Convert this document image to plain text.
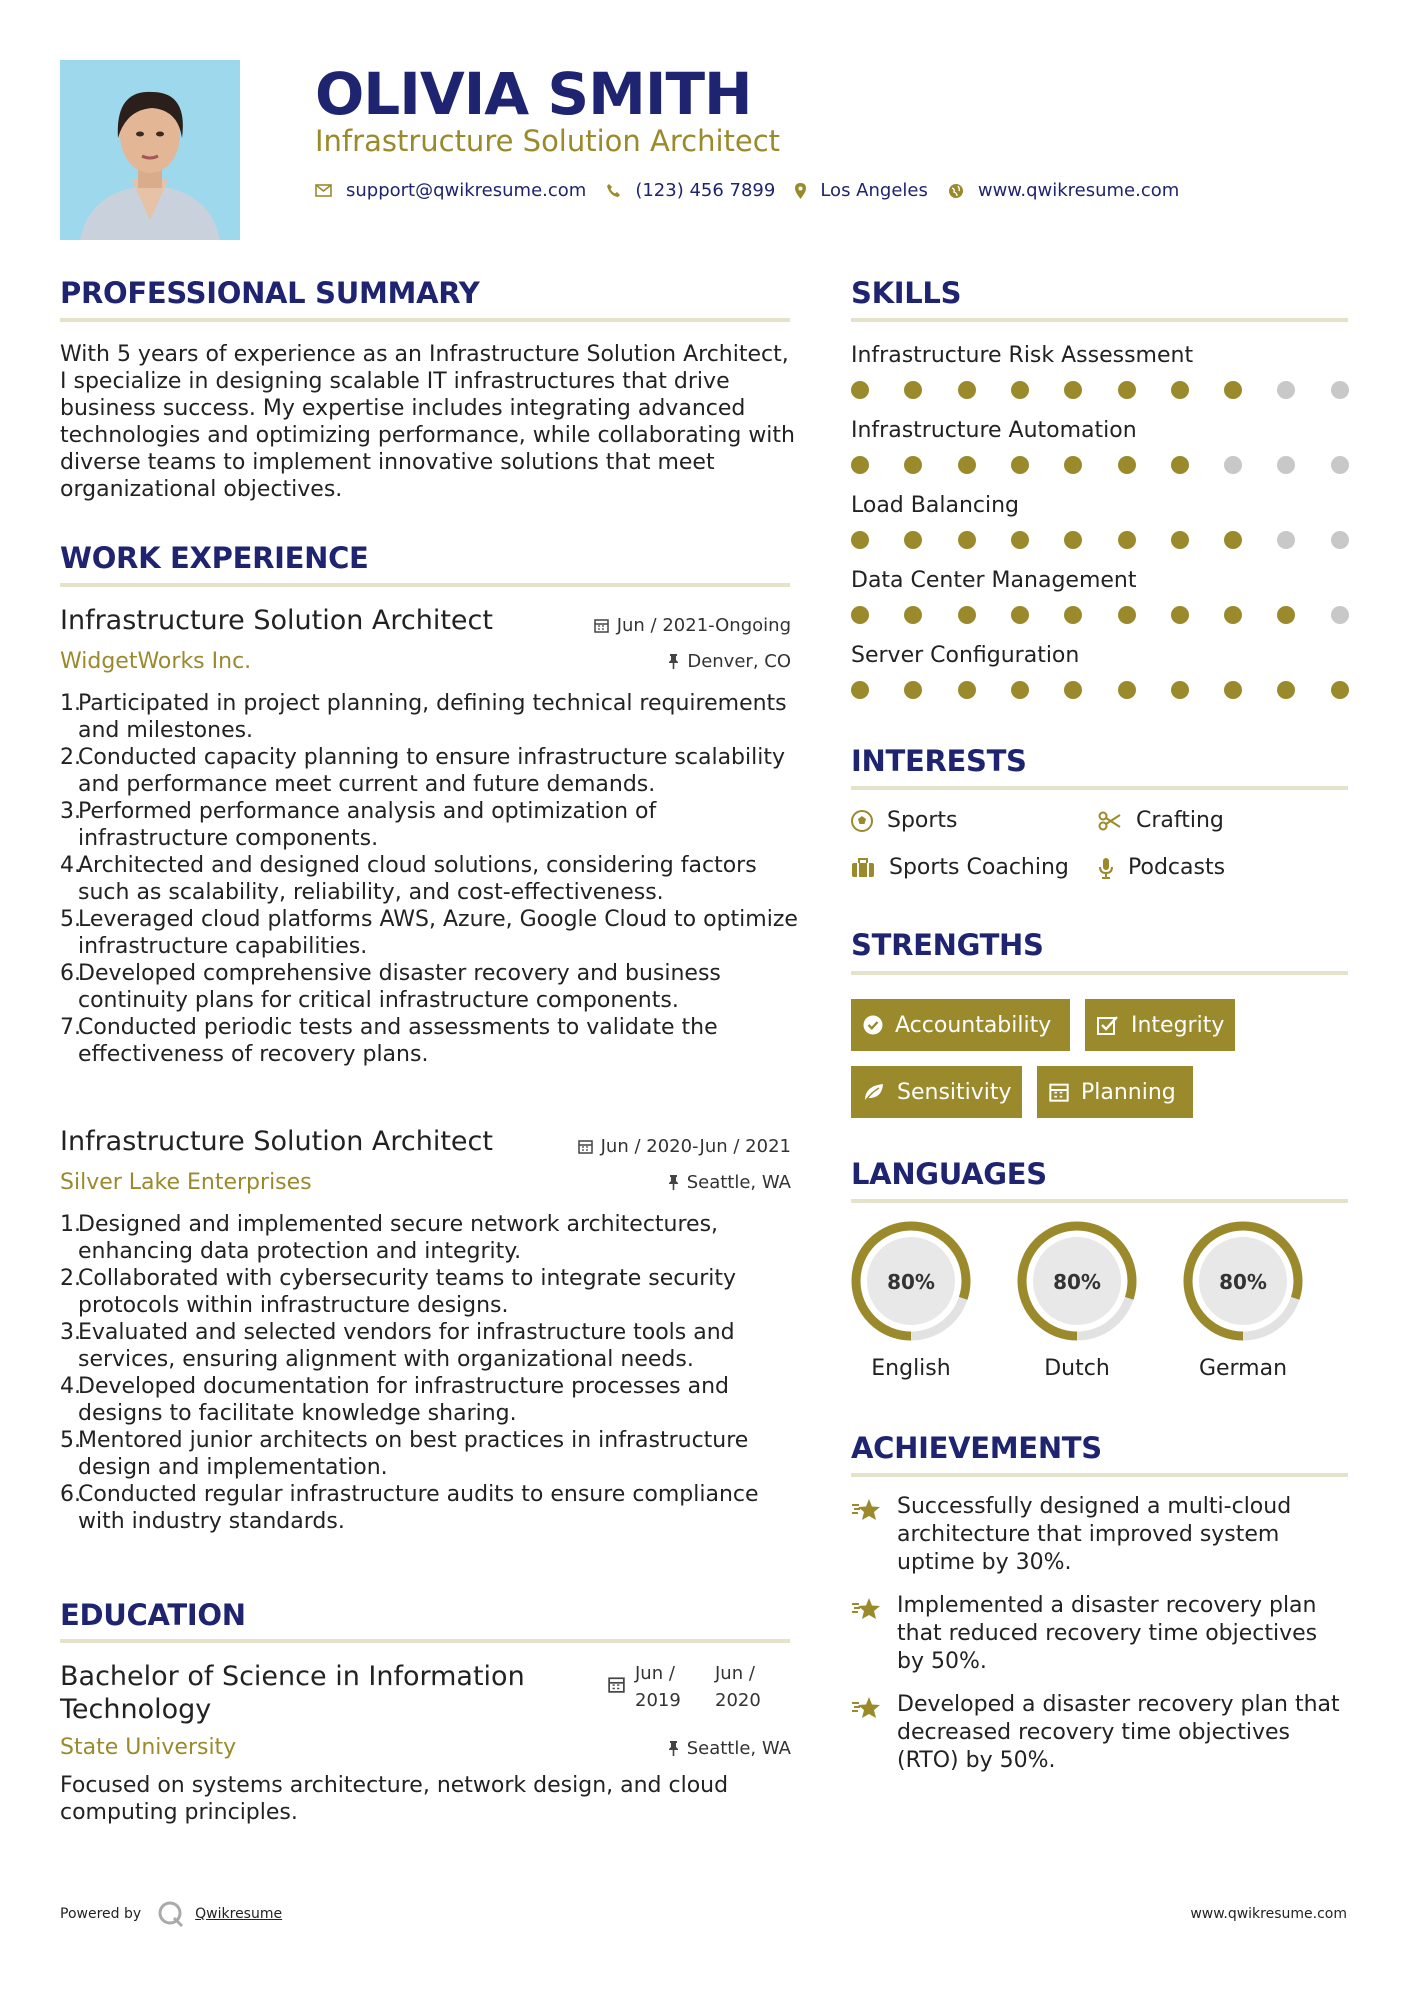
OLIVIA SMITH
Infrastructure Solution Architect
support@qwikresume.com	(123) 456 7899	Los Angeles	www.qwikresume.com
PROFESSIONAL SUMMARY
With 5 years of experience as an Infrastructure Solution Architect, I specialize in designing scalable IT infrastructures that drive business success. My expertise includes integrating advanced technologies and optimizing performance, while collaborating with diverse teams to implement innovative solutions that meet organizational objectives.
WORK EXPERIENCE
Infrastructure Solution Architect	Jun / 2021-Ongoing
WidgetWorks Inc.	Denver, CO
1.
Participated in project planning, defining technical requirements and milestones.
2.
Conducted capacity planning to ensure infrastructure scalability and performance meet current and future demands.
3.
Performed performance analysis and optimization of infrastructure components.
4.
Architected and designed cloud solutions, considering factors such as scalability, reliability, and cost-effectiveness.
5.
Leveraged cloud platforms AWS, Azure, Google Cloud to optimize infrastructure capabilities.
6.
Developed comprehensive disaster recovery and business continuity plans for critical infrastructure components.
7.
Conducted periodic tests and assessments to validate the effectiveness of recovery plans.
Infrastructure Solution Architect	Jun / 2020-Jun / 2021
Silver Lake Enterprises	Seattle, WA
1.
Designed and implemented secure network architectures, enhancing data protection and integrity.
2.
Collaborated with cybersecurity teams to integrate security protocols within infrastructure designs.
3.
Evaluated and selected vendors for infrastructure tools and services, ensuring alignment with organizational needs.
4.
Developed documentation for infrastructure processes and designs to facilitate knowledge sharing.
5.
Mentored junior architects on best practices in infrastructure design and implementation.
6.
Conducted regular infrastructure audits to ensure compliance with industry standards.
EDUCATION
Bachelor of Science in Information Technology
Jun / 2019
Jun / 2020
State University	Seattle, WA
Focused on systems architecture, network design, and cloud computing principles.
SKILLS
Infrastructure Risk Assessment
Infrastructure Automation
Load Balancing
Data Center Management
Server Configuration
INTERESTS
Sports	Crafting
Sports Coaching	Podcasts
STRENGTHS
Accountability	Integrity
Sensitivity	Planning
LANGUAGES
80%
English
80%
Dutch
80%
German
ACHIEVEMENTS
Successfully designed a multi-cloud architecture that improved system uptime by 30%.
Implemented a disaster recovery plan that reduced recovery time objectives by 50%.
Developed a disaster recovery plan that decreased recovery time objectives (RTO) by 50%.
Powered by	Qwikresume	www.qwikresume.com
